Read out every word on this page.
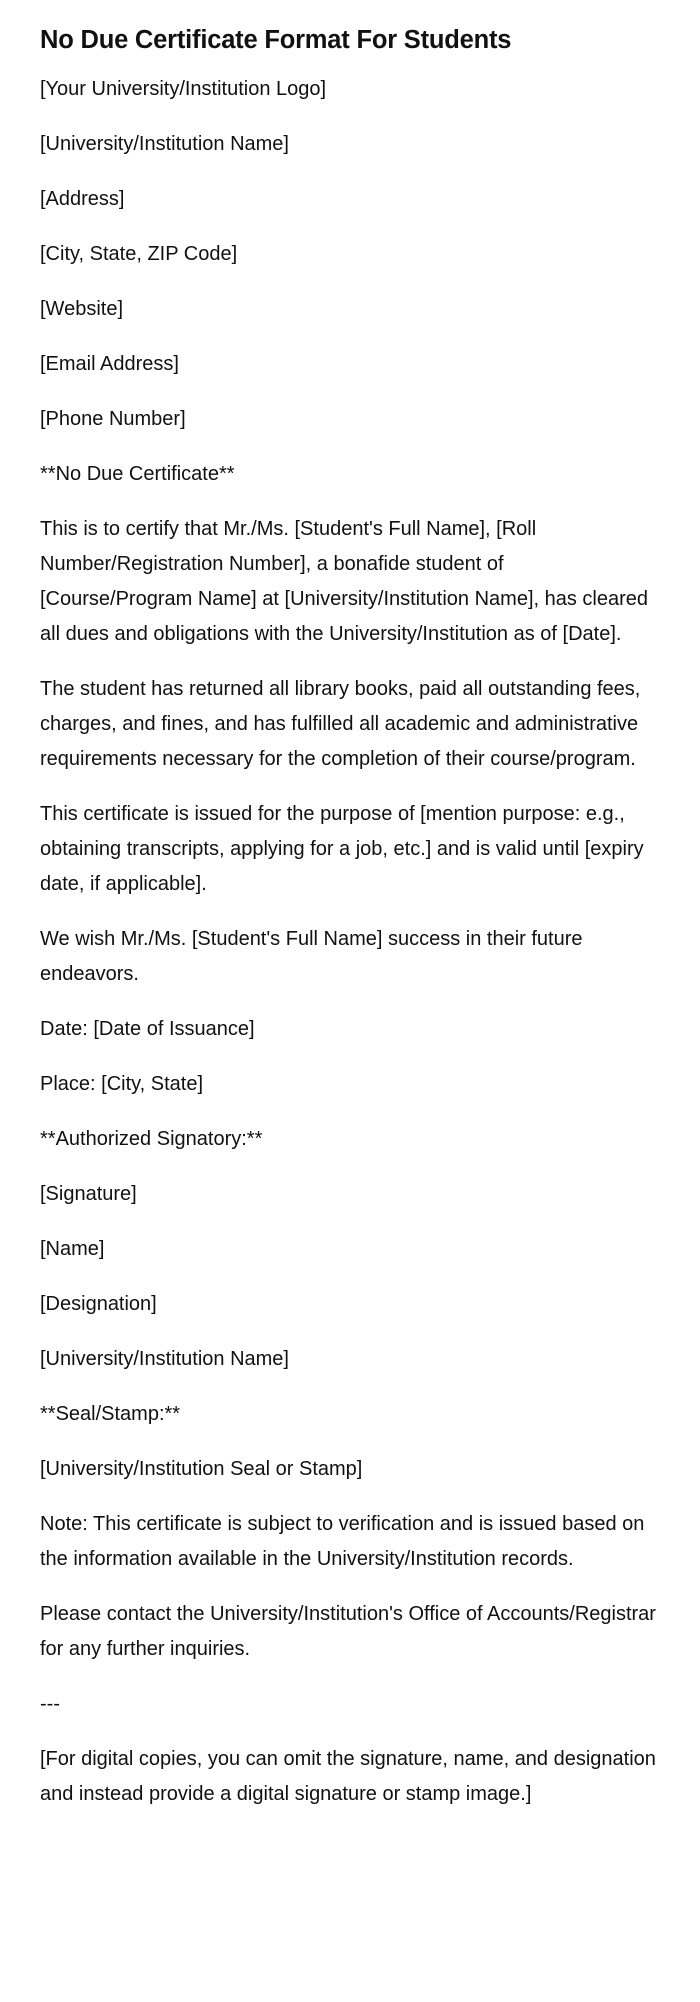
No Due Certificate Format For Students

[Your University/Institution Logo]

[University/Institution Name]

[Address]

[City, State, ZIP Code]

[Website]

[Email Address]

[Phone Number]

**No Due Certificate**

This is to certify that Mr./Ms. [Student's Full Name], [Roll Number/Registration Number], a bonafide student of [Course/Program Name] at [University/Institution Name], has cleared all dues and obligations with the University/Institution as of [Date].

The student has returned all library books, paid all outstanding fees, charges, and fines, and has fulfilled all academic and administrative requirements necessary for the completion of their course/program.

This certificate is issued for the purpose of [mention purpose: e.g., obtaining transcripts, applying for a job, etc.] and is valid until [expiry date, if applicable].

We wish Mr./Ms. [Student's Full Name] success in their future endeavors.

Date: [Date of Issuance]

Place: [City, State]

**Authorized Signatory:**

[Signature]

[Name]

[Designation]

[University/Institution Name]

**Seal/Stamp:**

[University/Institution Seal or Stamp]

Note: This certificate is subject to verification and is issued based on the information available in the University/Institution records.

Please contact the University/Institution's Office of Accounts/Registrar for any further inquiries.

---

[For digital copies, you can omit the signature, name, and designation and instead provide a digital signature or stamp image.]
